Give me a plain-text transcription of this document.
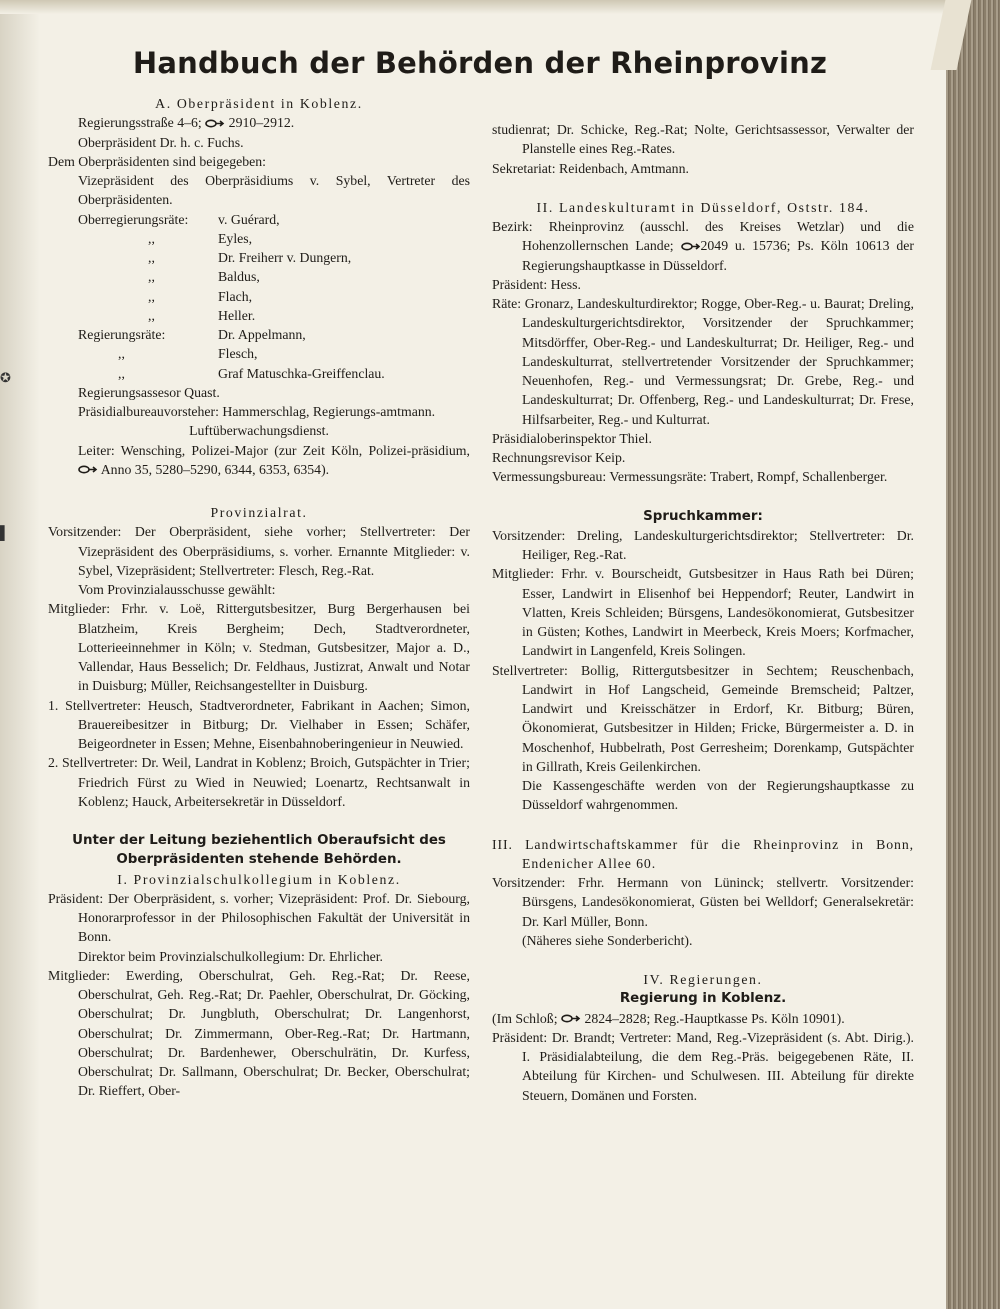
✪
▌
Handbuch der Behörden der Rheinprovinz

A. Oberpräsident in Koblenz.

Regierungsstraße 4–6; 2910–2912.

Oberpräsident Dr. h. c. Fuchs.

Dem Oberpräsidenten sind beigegeben:

Vizepräsident des Oberpräsidiums v. Sybel, Vertreter des Oberpräsidenten.

Oberregierungsräte: v. Guérard,

,,	Eyles,

,,	Dr. Freiherr v. Dungern,

,,	Baldus,

,,	Flach,

,,	Heller.

Regierungsräte:	Dr. Appelmann,

,,	Flesch,

,,	Graf Matuschka-Greiffenclau.

Regierungsassesor Quast.

Präsidialbureauvorsteher: Hammerschlag, Regierungs-amtmann.

Luftüberwachungsdienst.

Leiter: Wensching, Polizei-Major (zur Zeit Köln, Polizei-präsidium,  Anno 35, 5280–5290, 6344, 6353, 6354).

Provinzialrat.

Vorsitzender: Der Oberpräsident, siehe vorher; Stellvertreter: Der Vizepräsident des Oberpräsidiums, s. vorher. Ernannte Mitglieder: v. Sybel, Vizepräsident; Stellvertreter: Flesch, Reg.-Rat.

Vom Provinzialausschusse gewählt:

Mitglieder: Frhr. v. Loë, Rittergutsbesitzer, Burg Bergerhausen bei Blatzheim, Kreis Bergheim; Dech, Stadtverordneter, Lotterieeinnehmer in Köln; v. Stedman, Gutsbesitzer, Major a. D., Vallendar, Haus Besselich; Dr. Feldhaus, Justizrat, Anwalt und Notar in Duisburg; Müller, Reichsangestellter in Duisburg.

1. Stellvertreter: Heusch, Stadtverordneter, Fabrikant in Aachen; Simon, Brauereibesitzer in Bitburg; Dr. Vielhaber in Essen; Schäfer, Beigeordneter in Essen; Mehne, Eisenbahnoberingenieur in Neuwied.

2. Stellvertreter: Dr. Weil, Landrat in Koblenz; Broich, Gutspächter in Trier; Friedrich Fürst zu Wied in Neuwied; Loenartz, Rechtsanwalt in Koblenz; Hauck, Arbeitersekretär in Düsseldorf.

Unter der Leitung beziehentlich Oberaufsicht des Oberpräsidenten stehende Behörden.

I. Provinzialschulkollegium in Koblenz.

Präsident: Der Oberpräsident, s. vorher; Vizepräsident: Prof. Dr. Siebourg, Honorarprofessor in der Philosophischen Fakultät der Universität in Bonn.

Direktor beim Provinzialschulkollegium: Dr. Ehrlicher.

Mitglieder: Ewerding, Oberschulrat, Geh. Reg.-Rat; Dr. Reese, Oberschulrat, Geh. Reg.-Rat; Dr. Paehler, Oberschulrat, Dr. Göcking, Oberschulrat; Dr. Jungbluth, Oberschulrat; Dr. Langenhorst, Oberschulrat; Dr. Zimmermann, Ober-Reg.-Rat; Dr. Hartmann, Oberschulrat; Dr. Bardenhewer, Oberschulrätin, Dr. Kurfess, Oberschulrat; Dr. Sallmann, Oberschulrat; Dr. Becker, Oberschulrat; Dr. Rieffert, Ober-

studienrat; Dr. Schicke, Reg.-Rat; Nolte, Gerichtsassessor, Verwalter der Planstelle eines Reg.-Rates.

Sekretariat: Reidenbach, Amtmann.

II. Landeskulturamt in Düsseldorf, Oststr. 184.

Bezirk: Rheinprovinz (ausschl. des Kreises Wetzlar) und die Hohenzollernschen Lande; 2049 u. 15736; Ps. Köln 10613 der Regierungshauptkasse in Düsseldorf.

Präsident: Hess.

Räte: Gronarz, Landeskulturdirektor; Rogge, Ober-Reg.- u. Baurat; Dreling, Landeskulturgerichtsdirektor, Vorsitzender der Spruchkammer; Mitsdörffer, Ober-Reg.- und Landeskulturrat; Dr. Heiliger, Reg.- und Landeskulturrat, stellvertretender Vorsitzender der Spruchkammer; Neuenhofen, Reg.- und Vermessungsrat; Dr. Grebe, Reg.- und Landeskulturrat; Dr. Offenberg, Reg.- und Landeskulturrat; Dr. Frese, Hilfsarbeiter, Reg.- und Kulturrat.

Präsidialoberinspektor Thiel.

Rechnungsrevisor Keip.

Vermessungsbureau: Vermessungsräte: Trabert, Rompf, Schallenberger.

Spruchkammer:

Vorsitzender: Dreling, Landeskulturgerichtsdirektor; Stellvertreter: Dr. Heiliger, Reg.-Rat.

Mitglieder: Frhr. v. Bourscheidt, Gutsbesitzer in Haus Rath bei Düren; Esser, Landwirt in Elisenhof bei Heppendorf; Reuter, Landwirt in Vlatten, Kreis Schleiden; Bürsgens, Landesökonomierat, Gutsbesitzer in Güsten; Kothes, Landwirt in Meerbeck, Kreis Moers; Korfmacher, Landwirt in Langenfeld, Kreis Solingen.

Stellvertreter: Bollig, Rittergutsbesitzer in Sechtem; Reuschenbach, Landwirt in Hof Langscheid, Gemeinde Bremscheid; Paltzer, Landwirt und Kreisschätzer in Erdorf, Kr. Bitburg; Büren, Ökonomierat, Gutsbesitzer in Hilden; Fricke, Bürgermeister a. D. in Moschenhof, Hubbelrath, Post Gerresheim; Dorenkamp, Gutspächter in Gillrath, Kreis Geilenkirchen.

Die Kassengeschäfte werden von der Regierungshauptkasse zu Düsseldorf wahrgenommen.

III. Landwirtschaftskammer für die Rheinprovinz in Bonn, Endenicher Allee 60.

Vorsitzender: Frhr. Hermann von Lüninck; stellvertr. Vorsitzender: Bürsgens, Landesökonomierat, Güsten bei Welldorf; Generalsekretär: Dr. Karl Müller, Bonn.

(Näheres siehe Sonderbericht).

IV. Regierungen.

Regierung in Koblenz.

(Im Schloß; 2824–2828; Reg.-Hauptkasse Ps. Köln 10901).

Präsident: Dr. Brandt; Vertreter: Mand, Reg.-Vizepräsident (s. Abt. Dirig.). I. Präsidialabteilung, die dem Reg.-Präs. beigegebenen Räte, II. Abteilung für Kirchen- und Schulwesen. III. Abteilung für direkte Steuern, Domänen und Forsten.
